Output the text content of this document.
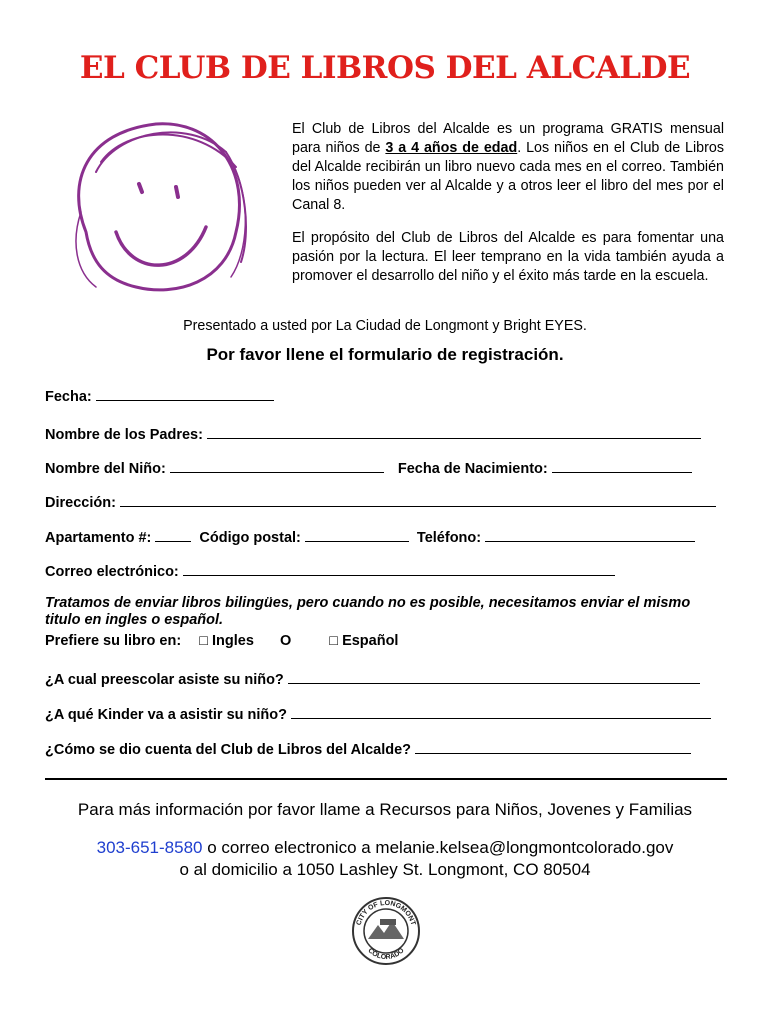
EL CLUB DE LIBROS DEL ALCALDE

El Club de Libros del Alcalde es un programa GRATIS mensual para niños de 3 a 4 años de edad. Los niños en el Club de Libros del Alcalde recibirán un libro nuevo cada mes en el correo. También los niños pueden ver al Alcalde y a otros leer el libro del mes por el Canal 8.

El propósito del Club de Libros del Alcalde es para fomentar una pasión por la lectura. El leer temprano en la vida también ayuda a promover el desarrollo del niño y el éxito más tarde en la escuela.

Presentado a usted por La Ciudad de Longmont y Bright EYES.
Por favor llene el formulario de registración.
Fecha:
Nombre de los Padres:
Nombre del Niño:	Fecha de Nacimiento:
Dirección:
Apartamento #:	Código postal:	Teléfono:
Correo electrónico:
Tratamos de enviar libros bilingües, pero cuando no es posible, necesitamos enviar el mismo titulo en ingles o español.
Prefiere su libro en: □ Ingles O	□ Español
¿A cual preescolar asiste su niño?
¿A qué Kinder va a asistir su niño?
¿Cómo se dio cuenta del Club de Libros del Alcalde?
Para más información por favor llame a Recursos para Niños, Jovenes y Familias
303-651-8580 o correo electronico a melanie.kelsea@longmontcolorado.gov
o al domicilio a 1050 Lashley St. Longmont, CO 80504
CITY OF LONGMONT
COLORADO
